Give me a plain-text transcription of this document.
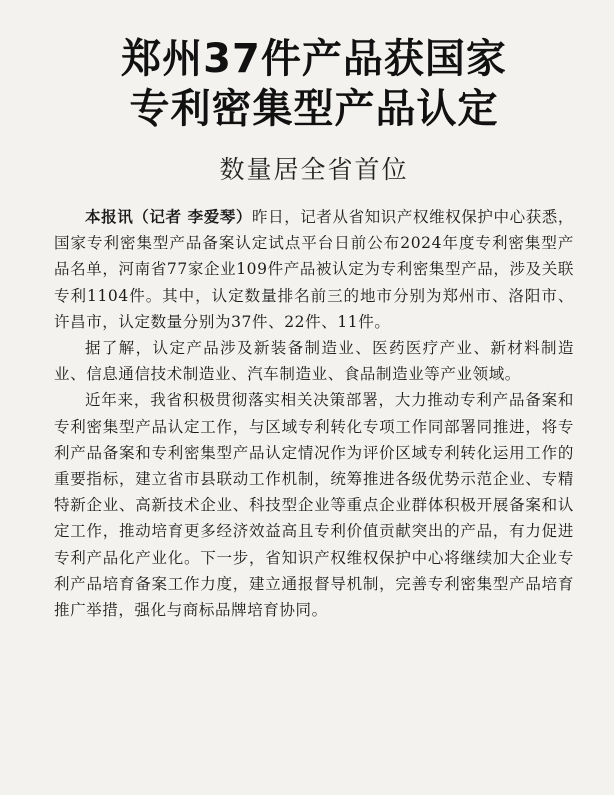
郑州37件产品获国家
专利密集型产品认定
数量居全省首位

本报讯（记者 李爱琴）昨日，记者从省知识产权维权保护中心获悉，国家专利密集型产品备案认定试点平台日前公布2024年度专利密集型产品名单，河南省77家企业109件产品被认定为专利密集型产品，涉及关联专利1104件。其中，认定数量排名前三的地市分别为郑州市、洛阳市、许昌市，认定数量分别为37件、22件、11件。

据了解，认定产品涉及新装备制造业、医药医疗产业、新材料制造业、信息通信技术制造业、汽车制造业、食品制造业等产业领域。

近年来，我省积极贯彻落实相关决策部署，大力推动专利产品备案和专利密集型产品认定工作，与区域专利转化专项工作同部署同推进，将专利产品备案和专利密集型产品认定情况作为评价区域专利转化运用工作的重要指标，建立省市县联动工作机制，统筹推进各级优势示范企业、专精特新企业、高新技术企业、科技型企业等重点企业群体积极开展备案和认定工作，推动培育更多经济效益高且专利价值贡献突出的产品，有力促进专利产品化产业化。下一步，省知识产权维权保护中心将继续加大企业专利产品培育备案工作力度，建立通报督导机制，完善专利密集型产品培育推广举措，强化与商标品牌培育协同。
